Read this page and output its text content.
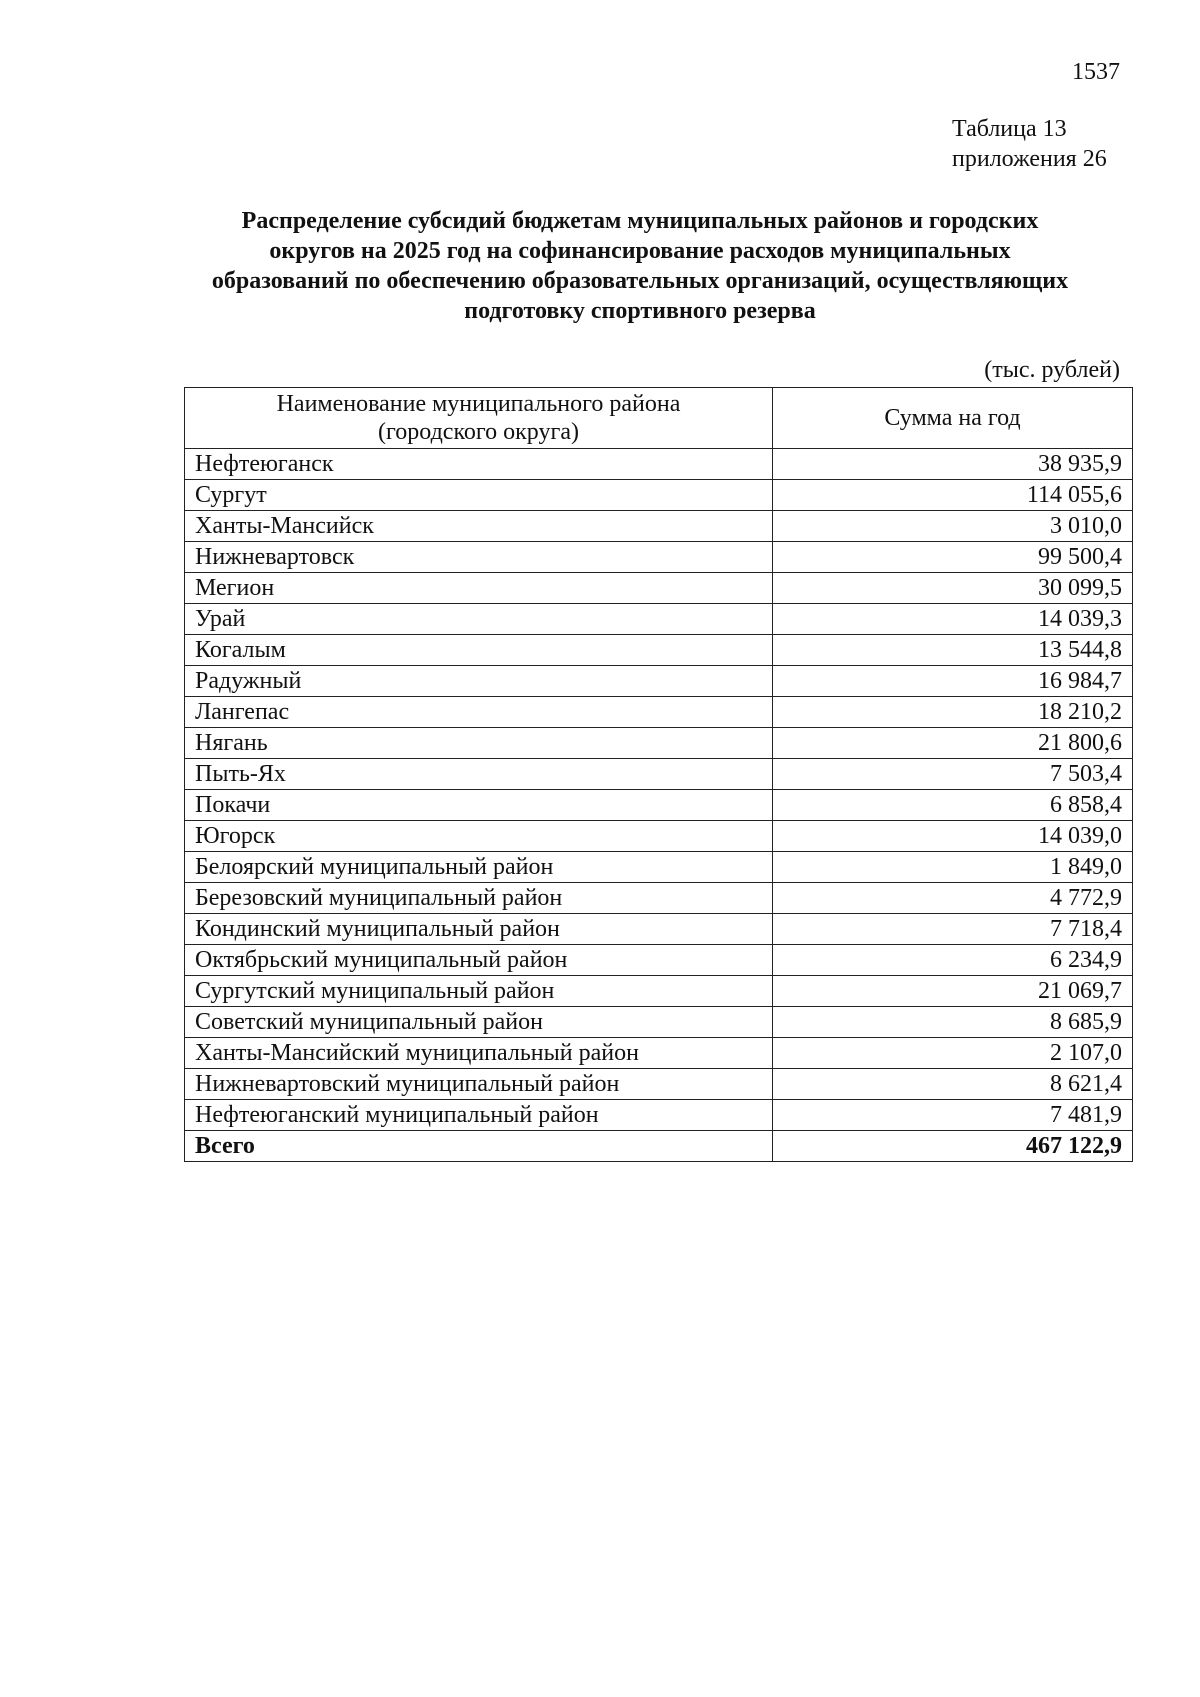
1537
Таблица 13
приложения 26
Распределение субсидий бюджетам муниципальных районов и городских
округов на 2025 год на софинансирование расходов муниципальных
образований по обеспечению образовательных организаций, осуществляющих
подготовку спортивного резерва
(тыс. рублей)
Наименование муниципального района
(городского округа)	Сумма на год
Нефтеюганск	38 935,9
Сургут	114 055,6
Ханты-Мансийск	3 010,0
Нижневартовск	99 500,4
Мегион	30 099,5
Урай	14 039,3
Когалым	13 544,8
Радужный	16 984,7
Лангепас	18 210,2
Нягань	21 800,6
Пыть-Ях	7 503,4
Покачи	6 858,4
Югорск	14 039,0
Белоярский муниципальный район	1 849,0
Березовский муниципальный район	4 772,9
Кондинский муниципальный район	7 718,4
Октябрьский муниципальный район	6 234,9
Сургутский муниципальный район	21 069,7
Советский муниципальный район	8 685,9
Ханты-Мансийский муниципальный район	2 107,0
Нижневартовский муниципальный район	8 621,4
Нефтеюганский муниципальный район	7 481,9
Всего	467 122,9
